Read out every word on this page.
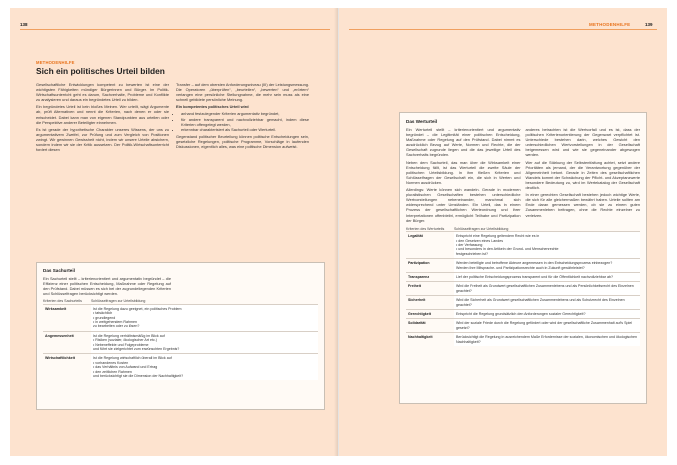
138
METHODENHILFE
Sich ein politisches Urteil bilden

Gesellschaftliche Entwicklungen kompetent zu bewerten ist eine der wichtigsten Fähigkeiten mündiger Bürgerinnen und Bürger. Im Politik-Wirtschaftsunterricht geht es darum, Sachverhalte, Probleme und Konflikte zu analysieren und daraus ein begründetes Urteil zu bilden.

Ein begründetes Urteil ist kein bloßes Meinen. Wer urteilt, wägt Argumente ab, prüft Alternativen und nennt die Kriterien, nach denen er oder sie entscheidet. Dabei kann man von eigenen Standpunkten aus urteilen oder die Perspektive anderer Beteiligter einnehmen.

Es ist gerade der hypothetische Charakter unseres Wissens, der uns zu argumentativem Zweifel, zur Prüfung und zum Vergleich von Positionen zwingt. Wir gewinnen Gewissheit nicht, indem wir unsere Urteile absichern, sondern indem wir sie der Kritik aussetzen. Der Politik-Wirtschaftsunterricht fordert diesen

Transfer – auf dem obersten Anforderungsniveau (III) der Leistungsmessung. Die Operatoren „überprüfen“, „beurteilen“, „bewerten“ und „erörtern“ verlangen eine persönliche Stellungnahme, die mehr sein muss als eine schnell gebildete persönliche Meinung.

Ein kompetentes politisches Urteil wird

• anhand festzulegender Kriterien argumentativ begründet,
• für andere transparent und nachvollziehbar gemacht, indem diese Kriterien offengelegt werden,
• erkennbar charakterisiert als Sachurteil oder Werturteil.

Gegenstand politischer Beurteilung können politische Entscheidungen sein, gesetzliche Regelungen, politische Programme, Vorschläge in laufenden Diskussionen, eigentlich alles, was eine politische Dimension aufweist.

Das Sachurteil
Ein Sachurteil stellt – kriterienorientiert und argumentativ begründet – die Effizienz einer politischen Entscheidung, Maßnahme oder Regelung auf den Prüfstand. Dabei müssen es sich bei der zugrundeliegenden Kriterien und Schlüsselfragen berücksichtigt werden.
Kriterien des Sachurteils	Schlüsselfragen zur Urteilsbildung
Wirksamkeit	Ist die Regelung dazu geeignet, ein politisches Problem
• tatsächlich
• grundlegend
• in weitgehendem Rahmen
zu bearbeiten oder zu lösen?

Angemessenheit	Ist die Regelung verhältnismäßig im Blick auf
• Risiken (sozialer, ökologischer Art etc.)
• Nebeneffekte und Folgeprobleme
und führt sie zielgerichtet zum erwünschten Ergebnis?

Wirtschaftlichkeit	Ist die Regelung wirtschaftlich überall im Blick auf
• vorhandenes Kosten
• das Verhältnis von Aufwand und Ertrag
• den zeitlichen Rahmen
und berücksichtigt sie die Dimension der Nachhaltigkeit?
METHODENHILFE	139
Das Werturteil

Ein Werturteil stellt – kriterienorientiert und argumentativ begründet – die Legitimität einer politischen Entscheidung, Maßnahme oder Regelung auf den Prüfstand. Dabei nimmt es ausdrücklich Bezug auf Werte, Normen und Rechte, die der Gesellschaft zugrunde liegen und die das jeweilige Urteil des Sachverhalts begründen.

Neben dem Sachurteil, das man über die Wirksamkeit einer Entscheidung fällt, ist das Werturteil die zweite Säule der politischen Urteilsbildung. In ihm fließen Kriterien und Schlüsselfragen der Gesellschaft ein, die sich in Werten und Normen ausdrücken.

Allerdings: Werte können sich wandeln. Gerade in modernen pluralistischen Gesellschaften bestehen unterschiedliche Wertvorstellungen nebeneinander, manchmal sich widersprechend unter Umständen. Ein Urteil, das in einem Prozess der gesellschaftlichen Werteordnung und ihrer Interpretationen offenbleibt, ermöglicht Teilhabe und Partizipation der Bürger.

anderes betrachten ist die Wertvorfall und es ist, dass der politischen Kriterienorientierung der Gegenwart verpflichtet ist. Unterschiede bestehen darin, welches Gewicht den unterschiedlichen Wertvorstellungen in der Gesellschaft beigemessen wird und wie sie gegeneinander abgewogen werden.

Wer auf die Stärkung der Selbstentfaltung achtet, setzt andere Prioritäten als jemand, der die Verantwortung gegenüber der Allgemeinheit betont. Gerade in Zeiten des gesellschaftlichen Wandels kommt der Schwächung der Pflicht- und Akzeptanzwerte besondere Bedeutung zu, wird im Wertekatalog der Gesellschaft deutlich.

In einer gerechten Gesellschaft bestehen jedoch wichtige Werte, die sich für alle gleichermaßen bewährt haben. Urteile sollten am Ende daran gemessen werden, ob sie zu einem guten Zusammenleben beitragen, ohne die Rechte einzelner zu verletzen.

Kriterien des Werturteils	Schlüsselfragen zur Urteilsbildung
Legalität	Entspricht eine Regelung geltendem Recht wie es in
• den Gesetzen eines Landes
• der Verfassung
• und besonders in den Artikeln der Grund- und Menschenrechte
festgeschrieben ist?

Partizipation	Werden beteiligte und betroffene Akteure angemessen in den Entscheidungsprozess einbezogen?
Werden ihre Mitsprache- und Partizipationsrechte auch in Zukunft gewährleistet?

Transparenz	Lief der politische Entscheidungsprozess transparent und für die Öffentlichkeit nachvollziehbar ab?

Freiheit	Wird die Freiheit als Grundwert gesellschaftlichen Zusammenlebens und als Persönlichkeitsrecht des Einzelnen geachtet?

Sicherheit	Wird die Sicherheit als Grundwert gesellschaftlichen Zusammenlebens und als Schutzrecht des Einzelnen geachtet?

Gerechtigkeit	Entspricht die Regelung grundsätzlich den Anforderungen sozialer Gerechtigkeit?

Solidarität	Wird der soziale Friede durch die Regelung gefördert oder wird der gesellschaftliche Zusammenhalt auf's Spiel gesetzt?

Nachhaltigkeit	Berücksichtigt die Regelung in ausreichendem Maße Erfordernisse der sozialen, ökonomischen und ökologischen Nachhaltigkeit?
